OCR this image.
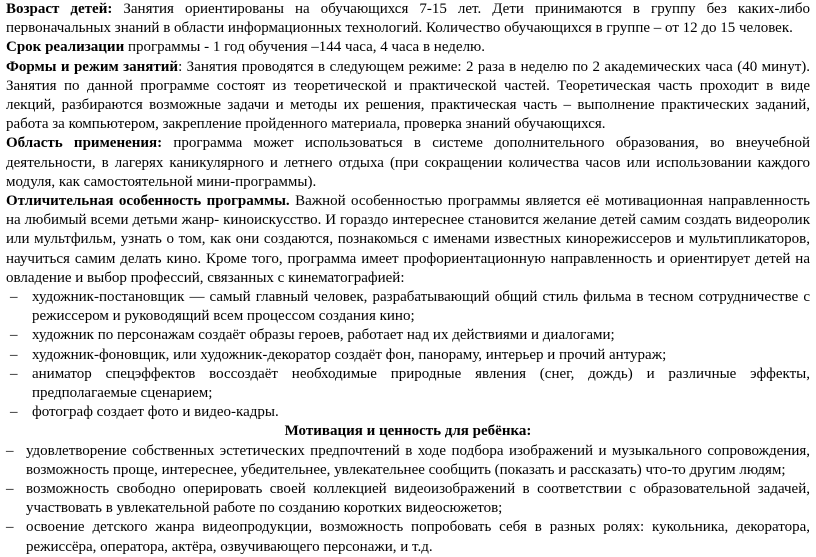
Возраст детей: Занятия ориентированы на обучающихся 7-15 лет. Дети принимаются в группу без каких-либо первоначальных знаний в области информационных технологий. Количество обучающихся в группе – от 12 до 15 человек.

Срок реализации программы - 1 год обучения –144 часа, 4 часа в неделю.

Формы и режим занятий: Занятия проводятся в следующем режиме: 2 раза в неделю по 2 академических часа (40 минут). Занятия по данной программе состоят из теоретической и практической частей. Теоретическая часть проходит в виде лекций, разбираются возможные задачи и методы их решения, практическая часть – выполнение практических заданий, работа за компьютером, закрепление пройденного материала, проверка знаний обучающихся.

Область применения: программа может использоваться в системе дополнительного образования, во внеучебной деятельности, в лагерях каникулярного и летнего отдыха (при сокращении количества часов или использовании каждого модуля, как самостоятельной мини-программы).

Отличительная особенность программы. Важной особенностью программы является её мотивационная направленность на любимый всеми детьми жанр- киноискусство. И гораздо интереснее становится желание детей самим создать видеоролик или мультфильм, узнать о том, как они создаются, познакомься с именами известных кинорежиссеров и мультипликаторов, научиться самим делать кино. Кроме того, программа имеет профориентационную направленность и ориентирует детей на овладение и выбор профессий, связанных с кинематографией:

– художник-постановщик — самый главный человек, разрабатывающий общий стиль фильма в тесном сотрудничестве с режиссером и руководящий всем процессом создания кино;
– художник по персонажам создаёт образы героев, работает над их действиями и диалогами;
– художник-фоновщик, или художник-декоратор создаёт фон, панораму, интерьер и прочий антураж;
– аниматор спецэффектов воссоздаёт необходимые природные явления (снег, дождь) и различные эффекты, предполагаемые сценарием;
– фотограф создает фото и видео-кадры.

Мотивация и ценность для ребёнка:

– удовлетворение собственных эстетических предпочтений в ходе подбора изображений и музыкального сопровождения, возможность проще, интереснее, убедительнее, увлекательнее сообщить (показать и рассказать) что-то другим людям;
– возможность свободно оперировать своей коллекцией видеоизображений в соответствии с образовательной задачей, участвовать в увлекательной работе по созданию коротких видеосюжетов;
– освоение детского жанра видеопродукции, возможность попробовать себя в разных ролях: кукольника, декоратора, режиссёра, оператора, актёра, озвучивающего персонажи, и т.д.
